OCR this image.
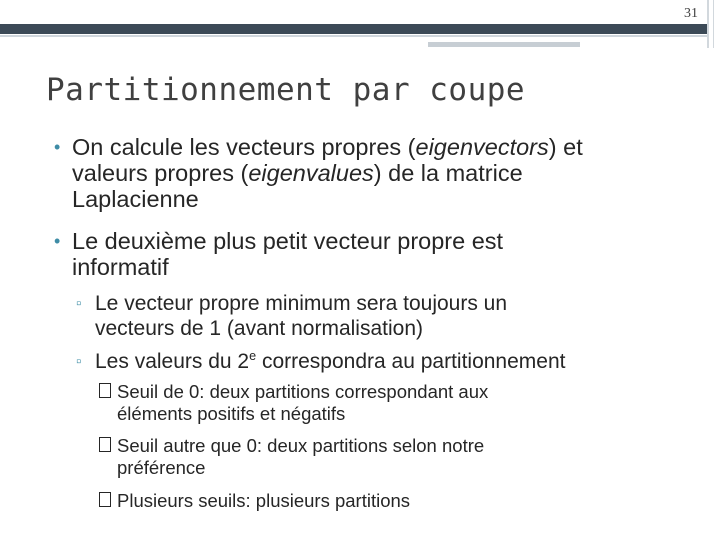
31
Partitionnement par coupe
• On calcule les vecteurs propres (eigenvectors) et
valeurs propres (eigenvalues) de la matrice
Laplacienne
• Le deuxième plus petit vecteur propre est
informatif
▫ Le vecteur propre minimum sera toujours un
vecteurs de 1 (avant normalisation)
▫ Les valeurs du 2e correspondra au partitionnement
Seuil de 0: deux partitions correspondant aux
éléments positifs et négatifs
Seuil autre que 0: deux partitions selon notre
préférence
Plusieurs seuils: plusieurs partitions
